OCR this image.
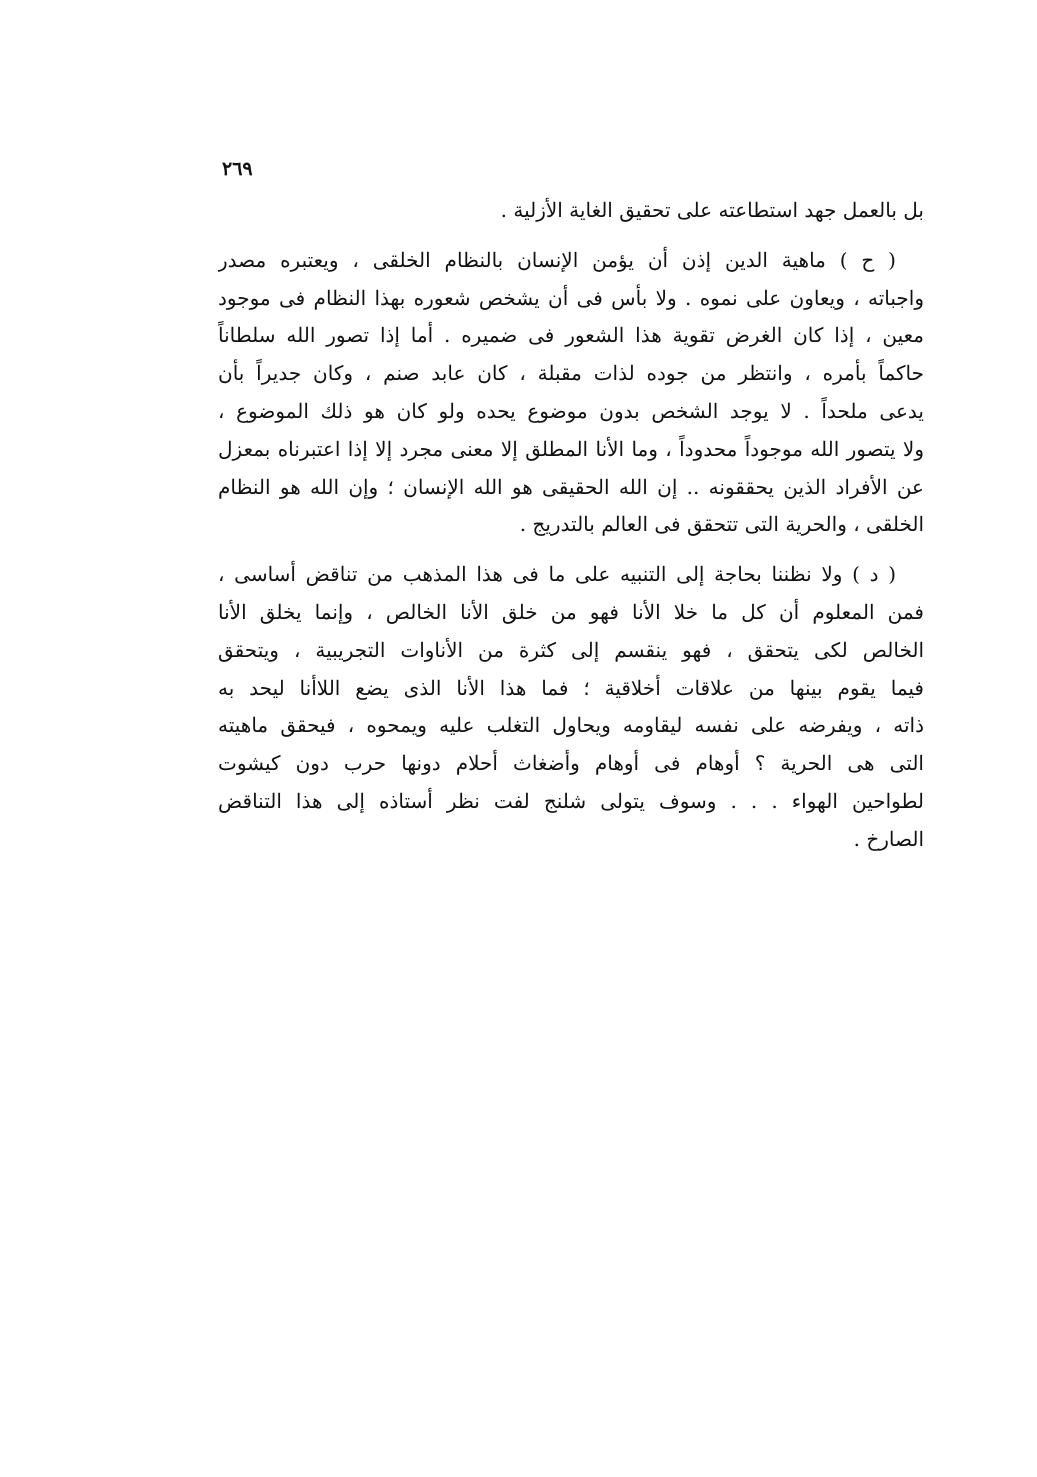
٢٦٩

بل بالعمل جهد استطاعته على تحقيق الغاية الأزلية .

( ح ) ماهية الدين إذن أن يؤمن الإنسان بالنظام الخلقى ، ويعتبره مصدر
واجباته ، ويعاون على نموه . ولا بأس فى أن يشخص شعوره بهذا النظام فى موجود
معين ، إذا كان الغرض تقوية هذا الشعور فى ضميره . أما إذا تصور الله سلطاناً
حاكماً بأمره ، وانتظر من جوده لذات مقبلة ، كان عابد صنم ، وكان جديراً بأن
يدعى ملحداً . لا يوجد الشخص بدون موضوع يحده ولو كان هو ذلك الموضوع ،
ولا يتصور الله موجوداً محدوداً ، وما الأنا المطلق إلا معنى مجرد إلا إذا اعتبرناه بمعزل
عن الأفراد الذين يحققونه .. إن الله الحقيقى هو الله الإنسان ؛ وإن الله هو النظام
الخلقى ، والحرية التى تتحقق فى العالم بالتدريج .

( د ) ولا نظننا بحاجة إلى التنبيه على ما فى هذا المذهب من تناقض أساسى ،
فمن المعلوم أن كل ما خلا الأنا فهو من خلق الأنا الخالص ، وإنما يخلق الأنا
الخالص لكى يتحقق ، فهو ينقسم إلى كثرة من الأناوات التجريبية ، ويتحقق
فيما يقوم بينها من علاقات أخلاقية ؛ فما هذا الأنا الذى يضع اللاأنا ليحد به
ذاته ، ويفرضه على نفسه ليقاومه ويحاول التغلب عليه ويمحوه ، فيحقق ماهيته
التى هى الحرية ؟ أوهام فى أوهام وأضغاث أحلام دونها حرب دون كيشوت
لطواحين الهواء . . . وسوف يتولى شلنج لفت نظر أستاذه إلى هذا التناقض
الصارخ .
